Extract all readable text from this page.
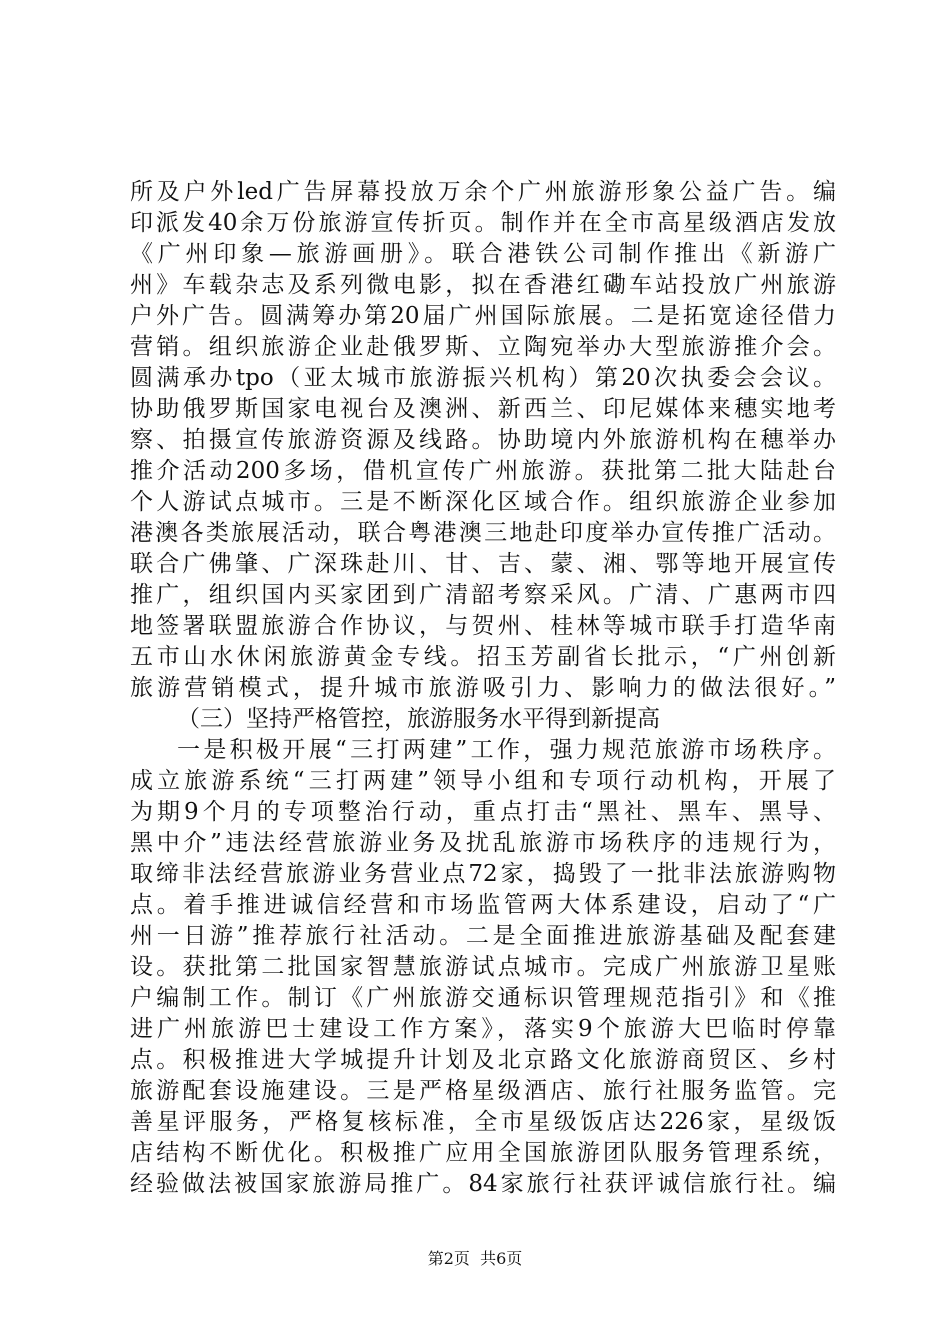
所及户外led广告屏幕投放万余个广州旅游形象公益广告。编
印派发40余万份旅游宣传折页。制作并在全市高星级酒店发放
《广州印象—旅游画册》。联合港铁公司制作推出《新游广
州》车载杂志及系列微电影，拟在香港红磡车站投放广州旅游
户外广告。圆满筹办第20届广州国际旅展。二是拓宽途径借力
营销。组织旅游企业赴俄罗斯、立陶宛举办大型旅游推介会。
圆满承办tpo（亚太城市旅游振兴机构）第20次执委会会议。
协助俄罗斯国家电视台及澳洲、新西兰、印尼媒体来穗实地考
察、拍摄宣传旅游资源及线路。协助境内外旅游机构在穗举办
推介活动200多场，借机宣传广州旅游。获批第二批大陆赴台
个人游试点城市。三是不断深化区域合作。组织旅游企业参加
港澳各类旅展活动，联合粤港澳三地赴印度举办宣传推广活动。
联合广佛肇、广深珠赴川、甘、吉、蒙、湘、鄂等地开展宣传
推广，组织国内买家团到广清韶考察采风。广清、广惠两市四
地签署联盟旅游合作协议，与贺州、桂林等城市联手打造华南
五市山水休闲旅游黄金专线。招玉芳副省长批示，“广州创新
旅游营销模式，提升城市旅游吸引力、影响力的做法很好。”
（三）坚持严格管控，旅游服务水平得到新提高
一是积极开展“三打两建”工作，强力规范旅游市场秩序。
成立旅游系统“三打两建”领导小组和专项行动机构，开展了
为期9个月的专项整治行动，重点打击“黑社、黑车、黑导、
黑中介”违法经营旅游业务及扰乱旅游市场秩序的违规行为，
取缔非法经营旅游业务营业点72家，捣毁了一批非法旅游购物
点。着手推进诚信经营和市场监管两大体系建设，启动了“广
州一日游”推荐旅行社活动。二是全面推进旅游基础及配套建
设。获批第二批国家智慧旅游试点城市。完成广州旅游卫星账
户编制工作。制订《广州旅游交通标识管理规范指引》和《推
进广州旅游巴士建设工作方案》，落实9个旅游大巴临时停靠
点。积极推进大学城提升计划及北京路文化旅游商贸区、乡村
旅游配套设施建设。三是严格星级酒店、旅行社服务监管。完
善星评服务，严格复核标准，全市星级饭店达226家，星级饭
店结构不断优化。积极推广应用全国旅游团队服务管理系统，
经验做法被国家旅游局推广。84家旅行社获评诚信旅行社。编
第2页  共6页
